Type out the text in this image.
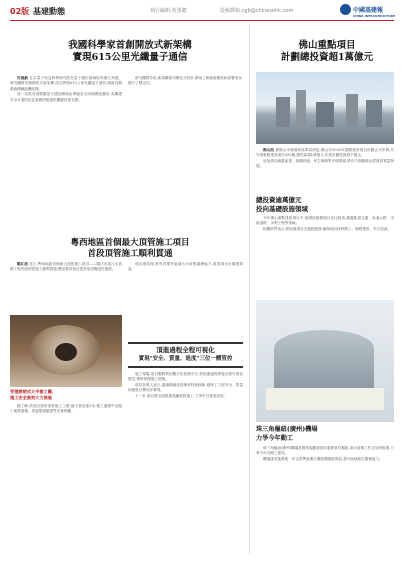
02版 基建動態	執行編輯:黃漢聰	投稿郵箱:cgb@chinesehk.com	中國基建報
CHINA INFRASTRUCTURE
我國科學家首創開放式新架構
實現615公里光纖量子通信

央視新 北京量子信息科學研究院在量子通信領域取得重大突破。研究團隊首創開放式新架構,成功實現615公里光纖量子通信,刷新同類系統傳輸距離紀錄。

這一成果有望推動量子通信網絡由實驗室走向規模化應用,為構建安全可靠的信息基礎設施提供關鍵技術支撐。

研究團隊介紹,新架構採用開放式設計,降低了系統複雜度和部署成本,提升了穩定性。

佛山重點項目
計劃總投資超1萬億元

佛山訊 據佛山市發展和改革局消息,佛山市2025年重點建設項目計劃正式印發,共安排重點建設項目595個,總投資超1萬億元,年度計劃投資超千億元。

這批項目涵蓋產業、基礎設施、民生保障等多個領域,將有力推動佛山經濟高質量發展。

總投資逾萬億元
投向基礎設施領域

今年佛山重點建設項目中,基礎設施類項目佔比較高,涵蓋軌道交通、高速公路、市政道路、水利工程等領域。

相關部門表示,將加強項目全過程服務,確保項目按時開工、順利建設、早日投產。

粵西地區首個最大頂管施工項目
首段頂管施工順利貫通

陽江訊 近日,粵西地區首個最大頂管施工項目——陽江市某污水管網工程首段頂管施工順利貫通,標誌着該項目建設取得階段性進展。

受理開閉式大平衡工藝,
施工安全高效大力推進

據了解,該項目採用頂管施工工藝,最大管徑達3米,施工過程中克服了地質複雜、周邊環境敏感等多重困難。

項目建成後,將有效提升區域污水收集處理能力,改善城市水環境質量。

頂進過程全程可視化
實現"安全、質量、進度"三位一體管控

施工現場,項目團隊利用數字化管理平台,對頂進過程實施全程可視化監控,實時掌握施工狀態。

項目負責人表示,通過精細化管理和技術創新,確保了工程安全、質量和進度目標同步實現。

下一步,項目將全面推進後續管段施工,力爭早日建成投用。

珠三角樞紐(廣州)機場
力爭今年動工

珠三角樞紐(廣州)機場是國家規劃建設的重要航空樞紐,項目前期工作正加快推進,力爭今年內開工建設。

機場建成後將進一步完善粵港澳大灣區機場群佈局,提升區域航空服務能力。
